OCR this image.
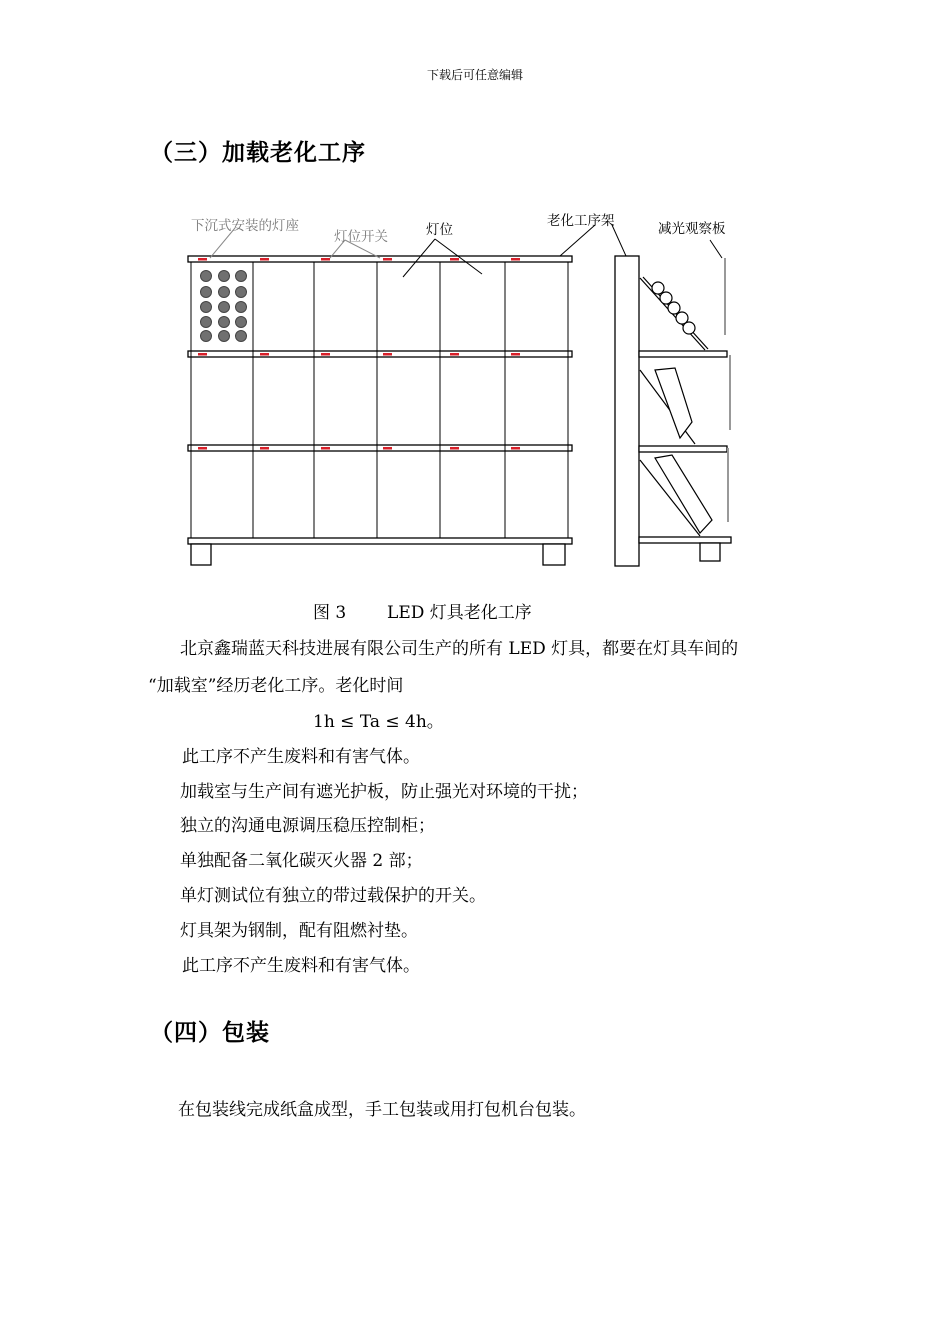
下载后可任意编辑
（三）加载老化工序
下沉式安装的灯座
灯位开关	灯位
老化工序架	减光观察板
图 3 LED 灯具老化工序
北京鑫瑞蓝天科技进展有限公司生产的所有 LED 灯具，都要在灯具车间的
“加载室”经历老化工序。老化时间
1h ≤ Ta ≤ 4h。
此工序不产生废料和有害气体。
加载室与生产间有遮光护板，防止强光对环境的干扰；
独立的沟通电源调压稳压控制柜；
单独配备二氧化碳灭火器 2 部；
单灯测试位有独立的带过载保护的开关。
灯具架为钢制，配有阻燃衬垫。
此工序不产生废料和有害气体。
（四）包装
在包装线完成纸盒成型，手工包装或用打包机台包装。
